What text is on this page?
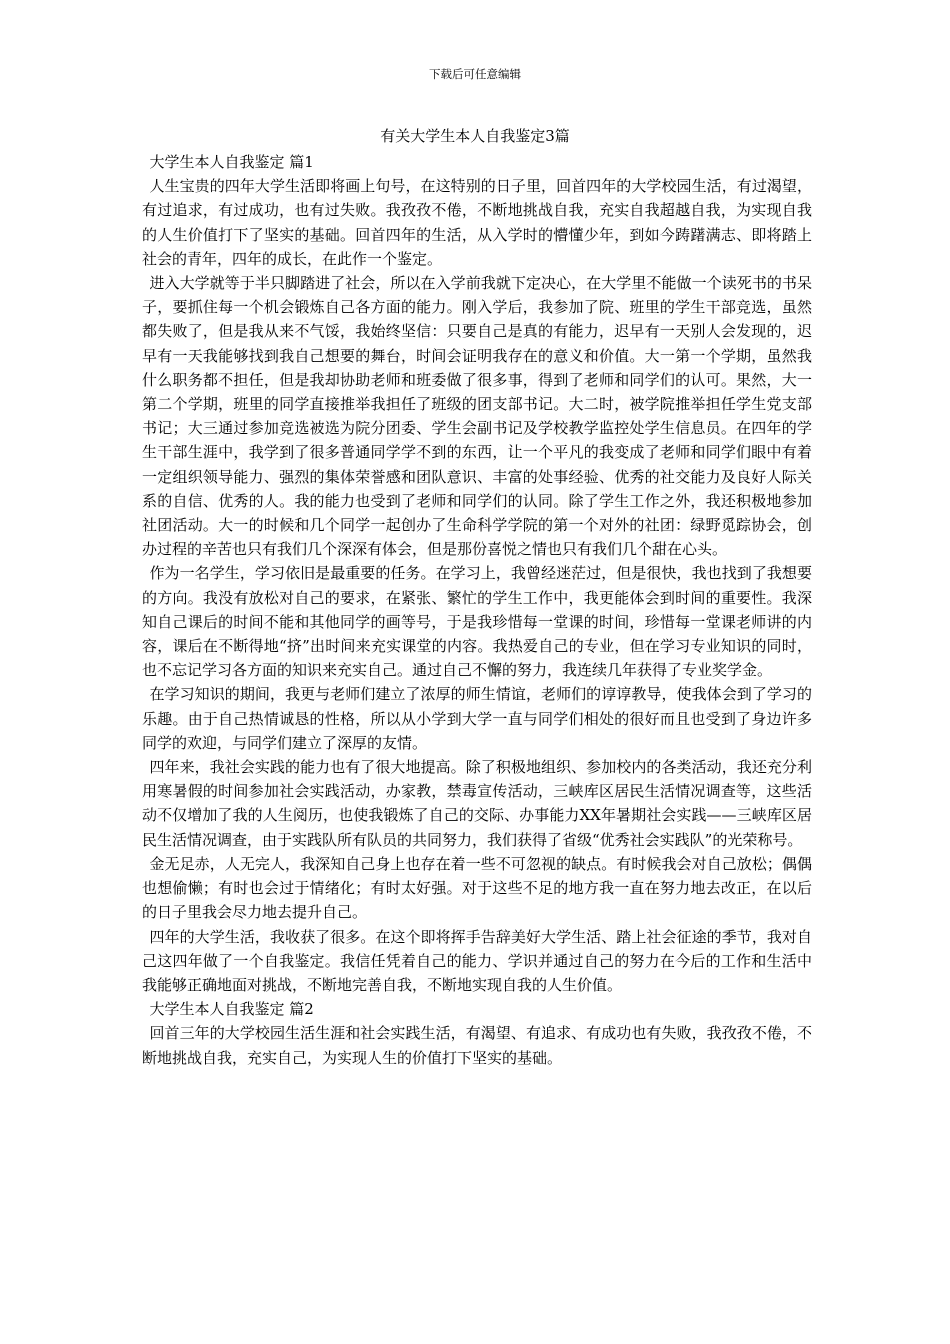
下载后可任意编辑
有关大学生本人自我鉴定3篇

大学生本人自我鉴定 篇1

人生宝贵的四年大学生活即将画上句号，在这特别的日子里，回首四年的大学校园生活，有过渴望，有过追求，有过成功，也有过失败。我孜孜不倦，不断地挑战自我，充实自我超越自我，为实现自我的人生价值打下了坚实的基础。回首四年的生活，从入学时的懵懂少年，到如今踌躇满志、即将踏上社会的青年，四年的成长，在此作一个鉴定。

进入大学就等于半只脚踏进了社会，所以在入学前我就下定决心，在大学里不能做一个读死书的书呆子，要抓住每一个机会锻炼自己各方面的能力。刚入学后，我参加了院、班里的学生干部竞选，虽然都失败了，但是我从来不气馁，我始终坚信：只要自己是真的有能力，迟早有一天别人会发现的，迟早有一天我能够找到我自己想要的舞台，时间会证明我存在的意义和价值。大一第一个学期，虽然我什么职务都不担任，但是我却协助老师和班委做了很多事，得到了老师和同学们的认可。果然，大一第二个学期，班里的同学直接推举我担任了班级的团支部书记。大二时，被学院推举担任学生党支部书记；大三通过参加竞选被选为院分团委、学生会副书记及学校教学监控处学生信息员。在四年的学生干部生涯中，我学到了很多普通同学学不到的东西，让一个平凡的我变成了老师和同学们眼中有着一定组织领导能力、强烈的集体荣誉感和团队意识、丰富的处事经验、优秀的社交能力及良好人际关系的自信、优秀的人。我的能力也受到了老师和同学们的认同。除了学生工作之外，我还积极地参加社团活动。大一的时候和几个同学一起创办了生命科学学院的第一个对外的社团：绿野觅踪协会，创办过程的辛苦也只有我们几个深深有体会，但是那份喜悦之情也只有我们几个甜在心头。

作为一名学生，学习依旧是最重要的任务。在学习上，我曾经迷茫过，但是很快，我也找到了我想要的方向。我没有放松对自己的要求，在紧张、繁忙的学生工作中，我更能体会到时间的重要性。我深知自己课后的时间不能和其他同学的画等号，于是我珍惜每一堂课的时间，珍惜每一堂课老师讲的内容，课后在不断得地“挤”出时间来充实课堂的内容。我热爱自己的专业，但在学习专业知识的同时，也不忘记学习各方面的知识来充实自己。通过自己不懈的努力，我连续几年获得了专业奖学金。

在学习知识的期间，我更与老师们建立了浓厚的师生情谊，老师们的谆谆教导，使我体会到了学习的乐趣。由于自己热情诚恳的性格，所以从小学到大学一直与同学们相处的很好而且也受到了身边许多同学的欢迎，与同学们建立了深厚的友情。

四年来，我社会实践的能力也有了很大地提高。除了积极地组织、参加校内的各类活动，我还充分利用寒暑假的时间参加社会实践活动，办家教，禁毒宣传活动，三峡库区居民生活情况调查等，这些活动不仅增加了我的人生阅历，也使我锻炼了自己的交际、办事能力XX年暑期社会实践——三峡库区居民生活情况调查，由于实践队所有队员的共同努力，我们获得了省级“优秀社会实践队”的光荣称号。

金无足赤，人无完人，我深知自己身上也存在着一些不可忽视的缺点。有时候我会对自己放松；偶偶也想偷懒；有时也会过于情绪化；有时太好强。对于这些不足的地方我一直在努力地去改正，在以后的日子里我会尽力地去提升自己。

四年的大学生活，我收获了很多。在这个即将挥手告辞美好大学生活、踏上社会征途的季节，我对自己这四年做了一个自我鉴定。我信任凭着自己的能力、学识并通过自己的努力在今后的工作和生活中我能够正确地面对挑战，不断地完善自我，不断地实现自我的人生价值。

大学生本人自我鉴定 篇2

回首三年的大学校园生活生涯和社会实践生活，有渴望、有追求、有成功也有失败，我孜孜不倦，不断地挑战自我，充实自己，为实现人生的价值打下坚实的基础。
